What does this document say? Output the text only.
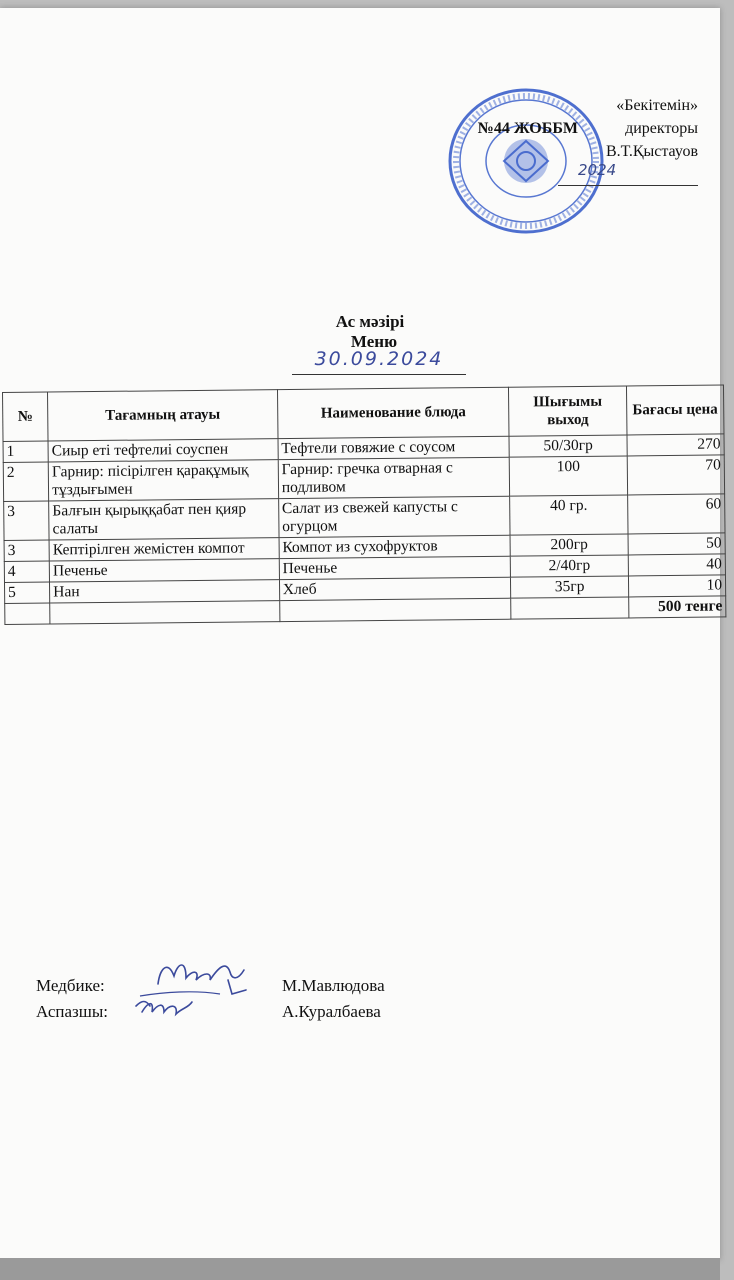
«Бекітемін»
№44 ЖОББМ	директоры
В.Т.Қыстауов
2024
Ас мәзірі
Меню
30.09.2024
№	Тағамның атауы	Наименование блюда	Шығымы выход	Бағасы цена
1	Сиыр еті тефтелиі соуспен	Тефтели говяжие с соусом	50/30гр	270
2	Гарнир: пісірілген қарақұмық тұздығымен	Гарнир: гречка отварная с подливом	100	70
3	Балғын қырыққабат пен қияр салаты	Салат из свежей капусты с огурцом	40 гр.	60
3	Кептірілген жемістен компот	Компот из сухофруктов	200гр	50
4	Печенье	Печенье	2/40гр	40
5	Нан	Хлеб	35гр	10
				500 тенге
Медбике:	М.Мавлюдова
Аспазшы:	А.Куралбаева
